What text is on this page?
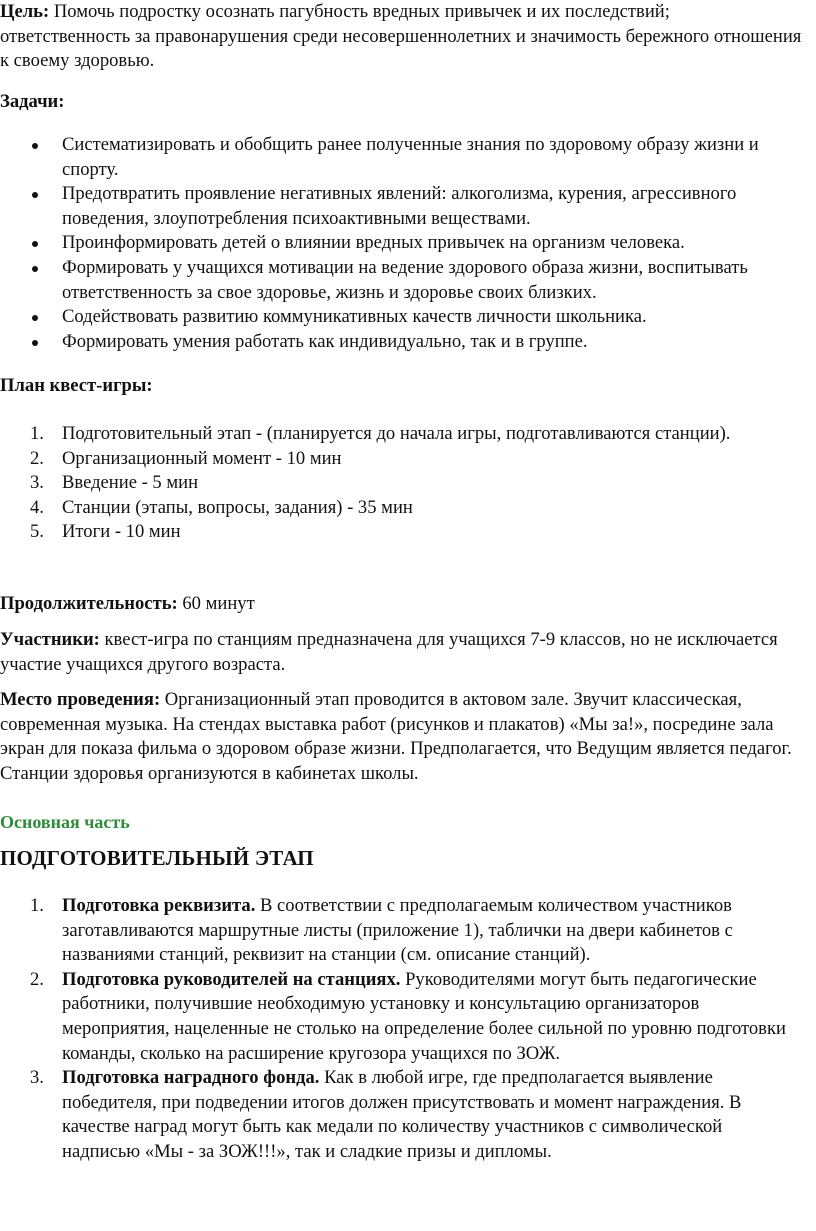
Цель: Помочь подростку осознать пагубность вредных привычек и их последствий; ответственность за правонарушения среди несовершеннолетних и значимость бережного отношения к своему здоровью.

Задачи:

Систематизировать и обобщить ранее полученные знания по здоровому образу жизни и спорту.
Предотвратить проявление негативных явлений: алкоголизма, курения, агрессивного поведения, злоупотребления психоактивными веществами.
Проинформировать детей о влиянии вредных привычек на организм человека.
Формировать у учащихся мотивации на ведение здорового образа жизни, воспитывать ответственность за свое здоровье, жизнь и здоровье своих близких.
Содействовать развитию коммуникативных качеств личности школьника.
Формировать умения работать как индивидуально, так и в группе.

План квест-игры:

1. Подготовительный этап - (планируется до начала игры, подготавливаются станции).
2. Организационный момент - 10 мин
3. Введение - 5 мин
4. Станции (этапы, вопросы, задания) - 35 мин
5. Итоги - 10 мин

Продолжительность: 60 минут

Участники: квест-игра по станциям предназначена для учащихся 7-9 классов, но не исключается участие учащихся другого возраста.

Место проведения: Организационный этап проводится в актовом зале. Звучит классическая, современная музыка. На стендах выставка работ (рисунков и плакатов) «Мы за!», посредине зала экран для показа фильма о здоровом образе жизни. Предполагается, что Ведущим является педагог. Станции здоровья организуются в кабинетах школы.

Основная часть

ПОДГОТОВИТЕЛЬНЫЙ ЭТАП

1. Подготовка реквизита. В соответствии с предполагаемым количеством участников заготавливаются маршрутные листы (приложение 1), таблички на двери кабинетов с названиями станций, реквизит на станции (см. описание станций).
2. Подготовка руководителей на станциях. Руководителями могут быть педагогические работники, получившие необходимую установку и консультацию организаторов мероприятия, нацеленные не столько на определение более сильной по уровню подготовки команды, сколько на расширение кругозора учащихся по ЗОЖ.
3. Подготовка наградного фонда. Как в любой игре, где предполагается выявление победителя, при подведении итогов должен присутствовать и момент награждения. В качестве наград могут быть как медали по количеству участников с символической надписью «Мы - за ЗОЖ!!!», так и сладкие призы и дипломы.
